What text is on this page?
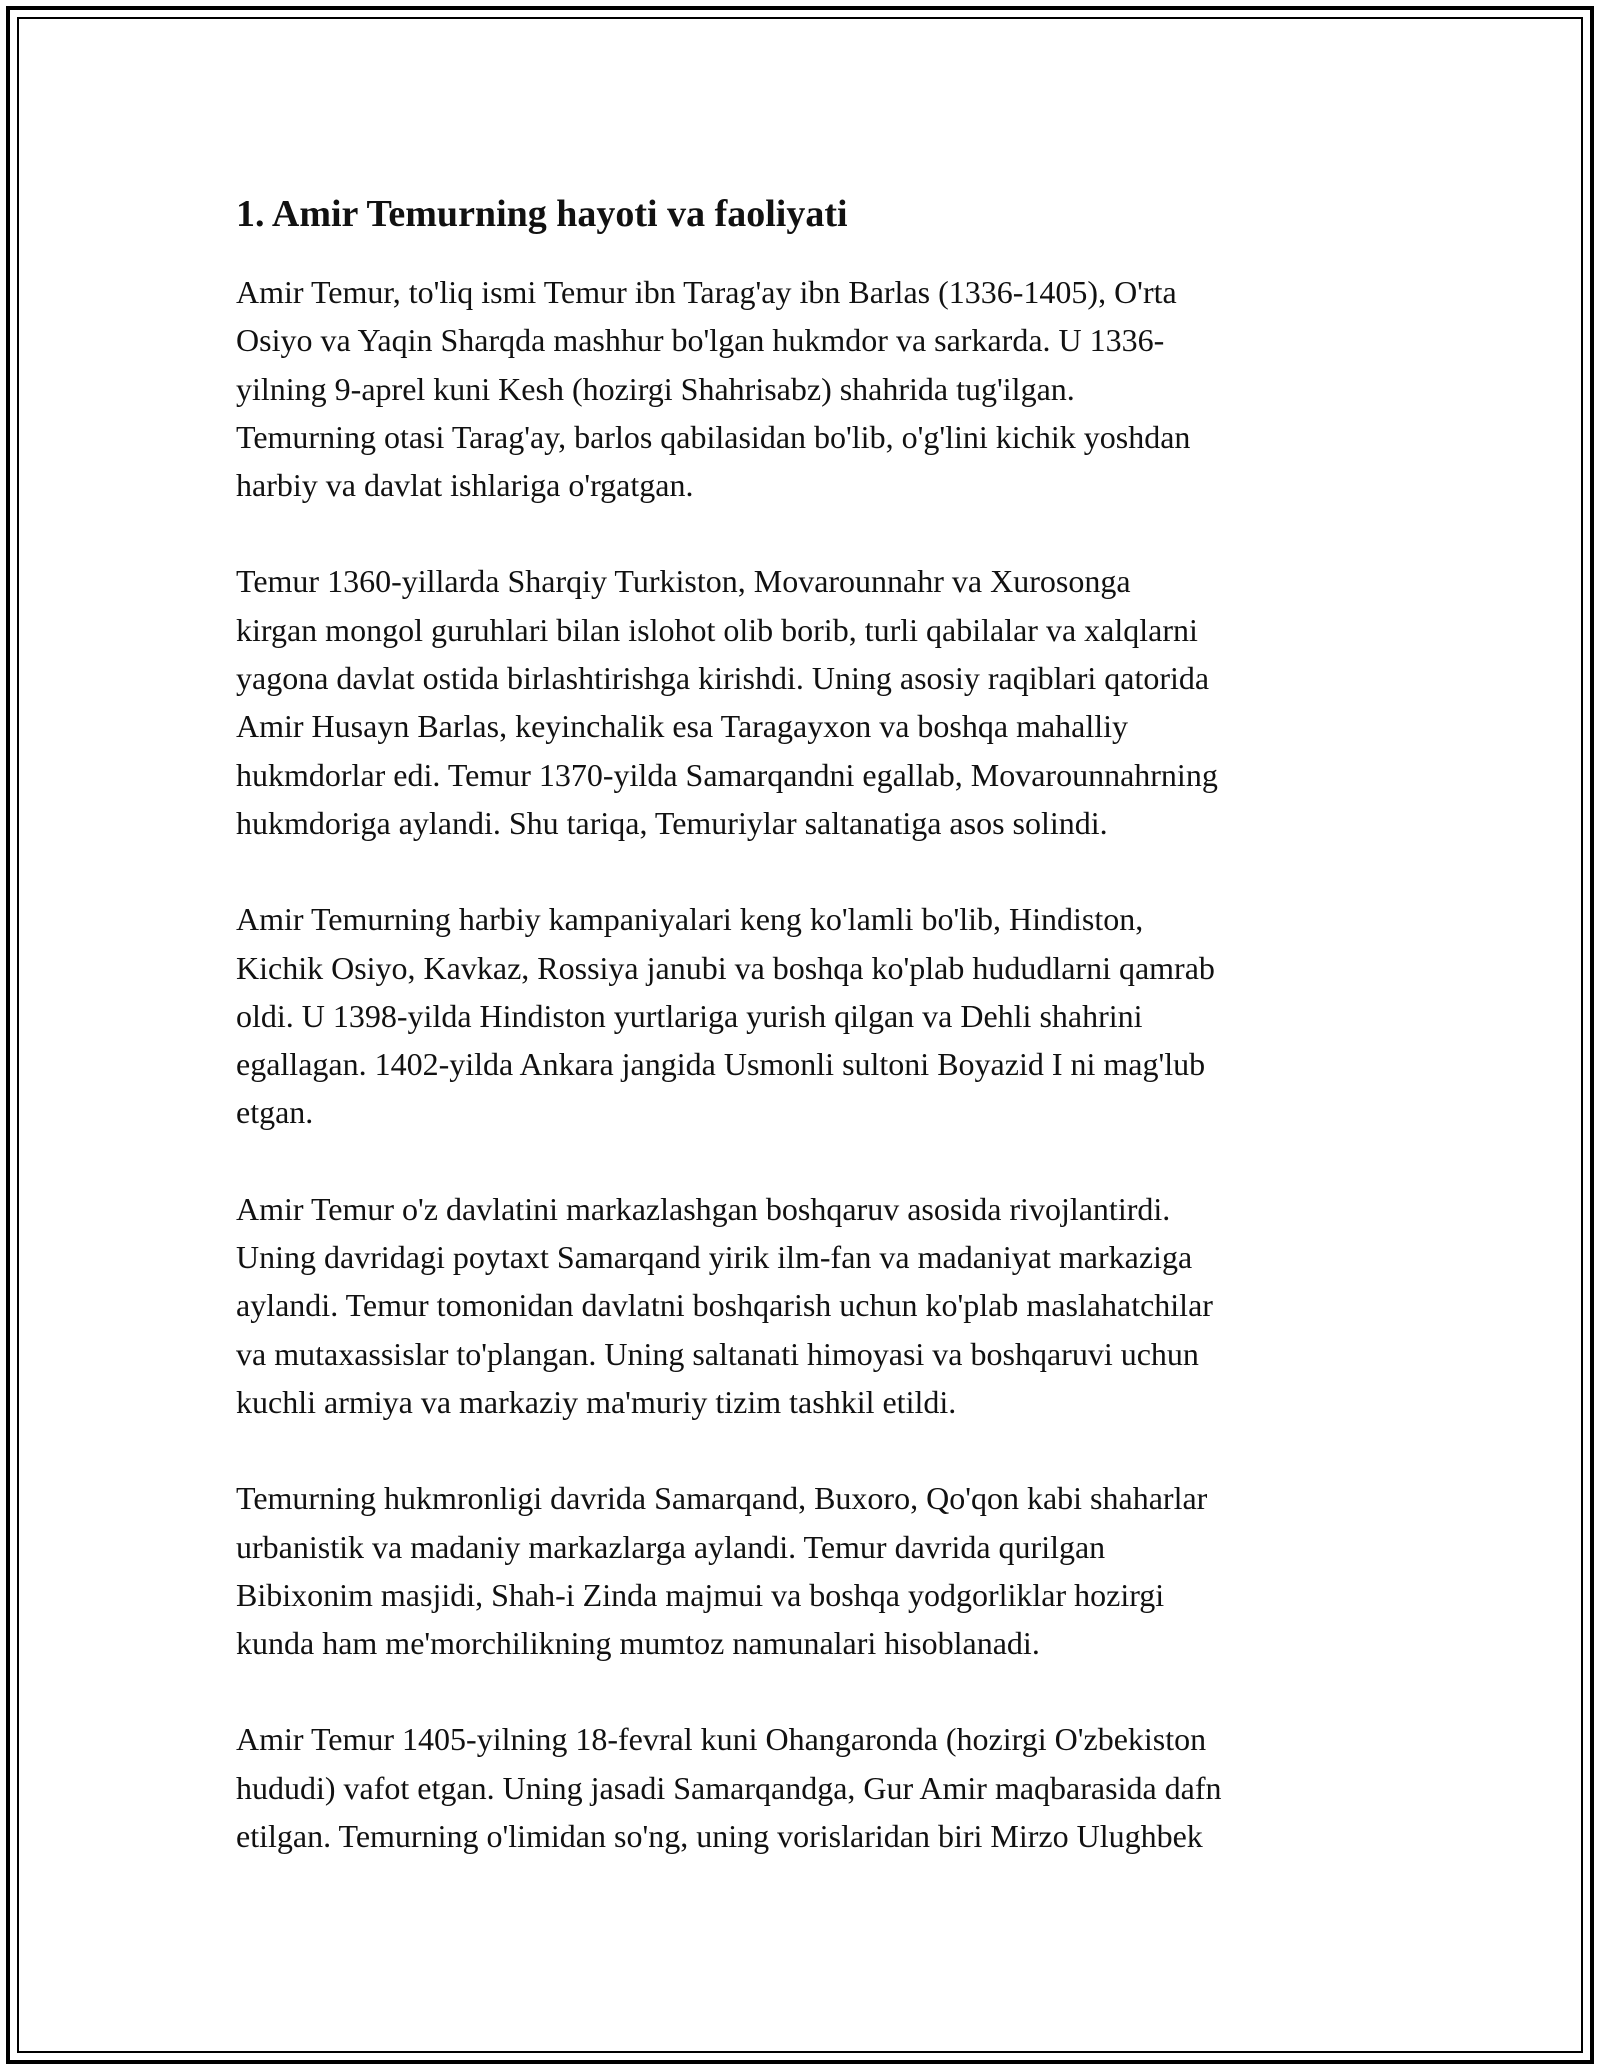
1. Amir Temurning hayoti va faoliyati

Amir Temur, to'liq ismi Temur ibn Tarag'ay ibn Barlas (1336-1405), O'rta
Osiyo va Yaqin Sharqda mashhur bo'lgan hukmdor va sarkarda. U 1336-
yilning 9-aprel kuni Kesh (hozirgi Shahrisabz) shahrida tug'ilgan.
Temurning otasi Tarag'ay, barlos qabilasidan bo'lib, o'g'lini kichik yoshdan
harbiy va davlat ishlariga o'rgatgan.

Temur 1360-yillarda Sharqiy Turkiston, Movarounnahr va Xurosonga
kirgan mongol guruhlari bilan islohot olib borib, turli qabilalar va xalqlarni
yagona davlat ostida birlashtirishga kirishdi. Uning asosiy raqiblari qatorida
Amir Husayn Barlas, keyinchalik esa Taragayxon va boshqa mahalliy
hukmdorlar edi. Temur 1370-yilda Samarqandni egallab, Movarounnahrning
hukmdoriga aylandi. Shu tariqa, Temuriylar saltanatiga asos solindi.

Amir Temurning harbiy kampaniyalari keng ko'lamli bo'lib, Hindiston,
Kichik Osiyo, Kavkaz, Rossiya janubi va boshqa ko'plab hududlarni qamrab
oldi. U 1398-yilda Hindiston yurtlariga yurish qilgan va Dehli shahrini
egallagan. 1402-yilda Ankara jangida Usmonli sultoni Boyazid I ni mag'lub
etgan.

Amir Temur o'z davlatini markazlashgan boshqaruv asosida rivojlantirdi.
Uning davridagi poytaxt Samarqand yirik ilm-fan va madaniyat markaziga
aylandi. Temur tomonidan davlatni boshqarish uchun ko'plab maslahatchilar
va mutaxassislar to'plangan. Uning saltanati himoyasi va boshqaruvi uchun
kuchli armiya va markaziy ma'muriy tizim tashkil etildi.

Temurning hukmronligi davrida Samarqand, Buxoro, Qo'qon kabi shaharlar
urbanistik va madaniy markazlarga aylandi. Temur davrida qurilgan
Bibixonim masjidi, Shah-i Zinda majmui va boshqa yodgorliklar hozirgi
kunda ham me'morchilikning mumtoz namunalari hisoblanadi.

Amir Temur 1405-yilning 18-fevral kuni Ohangaronda (hozirgi O'zbekiston
hududi) vafot etgan. Uning jasadi Samarqandga, Gur Amir maqbarasida dafn
etilgan. Temurning o'limidan so'ng, uning vorislaridan biri Mirzo Ulughbek
